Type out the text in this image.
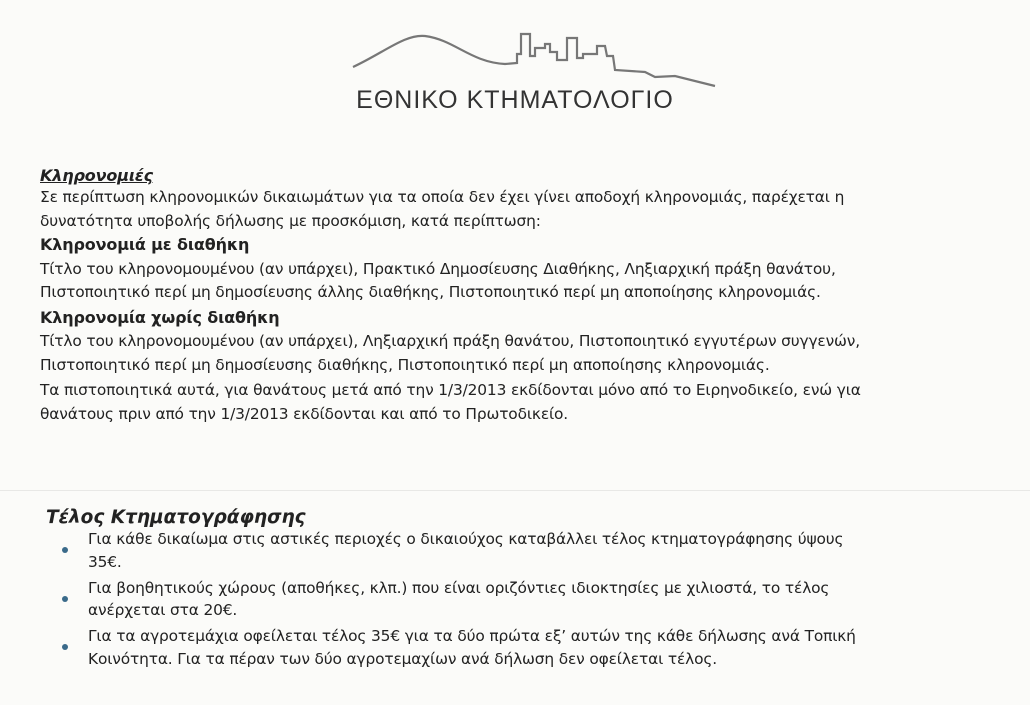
ΕΘΝΙΚΟ ΚΤΗΜΑΤΟΛΟΓΙΟ
Κληρονομιές
Σε περίπτωση κληρονομικών δικαιωμάτων για τα οποία δεν έχει γίνει αποδοχή κληρονομιάς, παρέχεται η
δυνατότητα υποβολής δήλωσης με προσκόμιση, κατά περίπτωση:
Κληρονομιά με διαθήκη
Τίτλο του κληρονομουμένου (αν υπάρχει), Πρακτικό Δημοσίευσης Διαθήκης, Ληξιαρχική πράξη θανάτου,
Πιστοποιητικό περί μη δημοσίευσης άλλης διαθήκης, Πιστοποιητικό περί μη αποποίησης κληρονομιάς.
Κληρονομία χωρίς διαθήκη
Τίτλο του κληρονομουμένου (αν υπάρχει), Ληξιαρχική πράξη θανάτου, Πιστοποιητικό εγγυτέρων συγγενών,
Πιστοποιητικό περί μη δημοσίευσης διαθήκης, Πιστοποιητικό περί μη αποποίησης κληρονομιάς.
Τα πιστοποιητικά αυτά, για θανάτους μετά από την 1/3/2013 εκδίδονται μόνο από το Ειρηνοδικείο, ενώ για
θανάτους πριν από την 1/3/2013 εκδίδονται και από το Πρωτοδικείο.
Τέλος Κτηματογράφησης
Για κάθε δικαίωμα στις αστικές περιοχές ο δικαιούχος καταβάλλει τέλος κτηματογράφησης ύψους
35€.
Για βοηθητικούς χώρους (αποθήκες, κλπ.) που είναι οριζόντιες ιδιοκτησίες με χιλιοστά, το τέλος
ανέρχεται στα 20€.
Για τα αγροτεμάχια οφείλεται τέλος 35€ για τα δύο πρώτα εξ’ αυτών της κάθε δήλωσης ανά Τοπική
Κοινότητα. Για τα πέραν των δύο αγροτεμαχίων ανά δήλωση δεν οφείλεται τέλος.
